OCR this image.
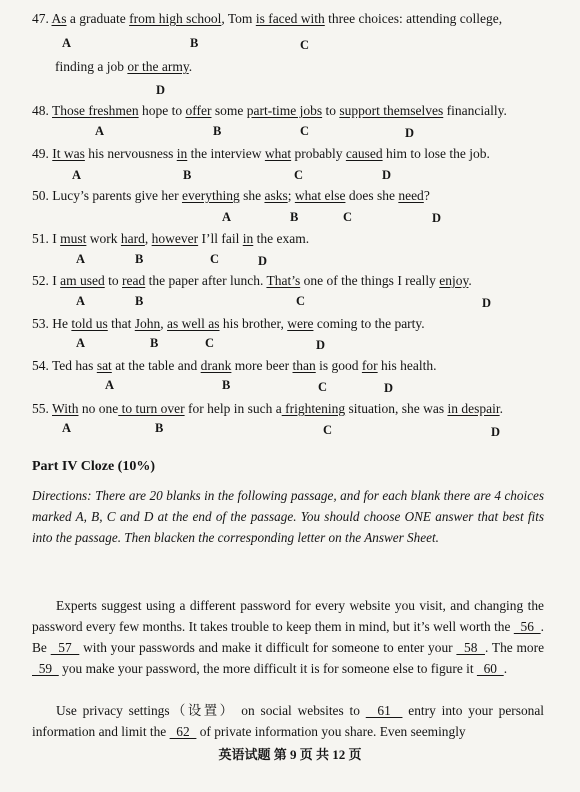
47. As a graduate from high school, Tom is faced with three choices: attending college,
A	B	C
finding a job or the army.
D
48. Those freshmen hope to offer some part-time jobs to support themselves financially.
A	B	C	D
49. It was his nervousness in the interview what probably caused him to lose the job.
A	B	C	D
50. Lucy’s parents give her everything she asks; what else does she need?
A	B	C	D
51. I must work hard, however I’ll fail in the exam.
A	B	C	D
52. I am used to read the paper after lunch. That’s one of the things I really enjoy.
A	B	C	D
53. He told us that John, as well as his brother, were coming to the party.
A	B	C	D
54. Ted has sat at the table and drank more beer than is good for his health.
A	B	C	D
55. With no one to turn over for help in such a frightening situation, she was in despair.
A	B	C	D
Part IV Cloze (10%)
Directions: There are 20 blanks in the following passage, and for each blank there are 4 choices marked A, B, C and D at the end of the passage. You should choose ONE answer that best fits into the passage. Then blacken the corresponding letter on the Answer Sheet.
Experts suggest using a different password for every website you visit, and changing the password every few months. It takes trouble to keep them in mind, but it’s well worth the   56  . Be   57   with your passwords and make it difficult for someone to enter your   58  . The more   59   you make your password, the more difficult it is for someone else to figure it   60  .
Use privacy settings（设置） on social websites to   61   entry into your personal information and limit the   62   of private information you share. Even seemingly
英语试题 第 9 页 共 12 页
